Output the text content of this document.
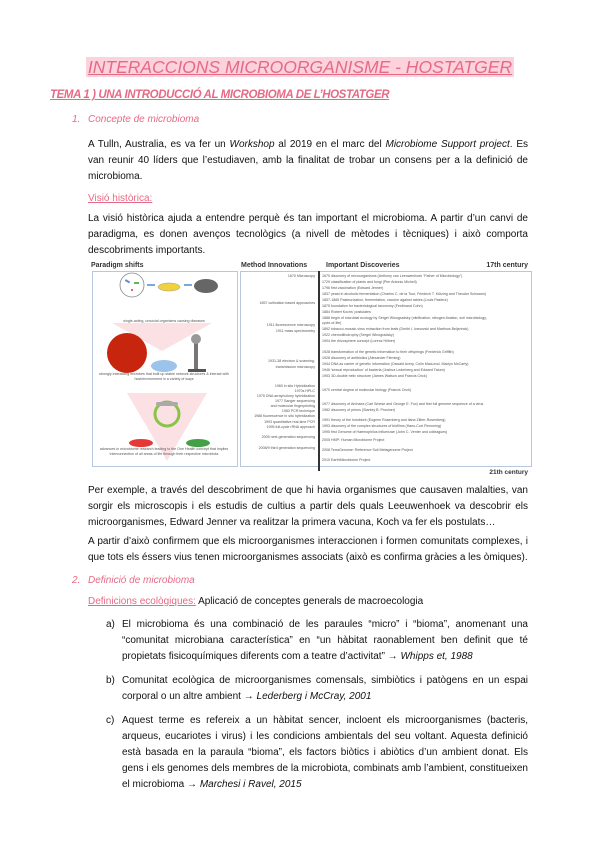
INTERACCIONS MICROORGANISME - HOSTATGER
TEMA 1 ) UNA INTRODUCCIÓ AL MICROBIOMA DE L’HOSTATGER
1. Concepte de microbioma
A Tulln, Australia, es va fer un Workshop al 2019 en el marc del Microbiome Support project. Es van reunir 40 líders que l’estudiaven, amb la finalitat de trobar un consens per a la definició de microbioma.
Visió històrica:
La visió històrica ajuda a entendre perquè és tan important el microbioma. A partir d’un canvi de paradigma, es donen avenços tecnològics (a nivell de mètodes i tècniques) i això comporta descobriments importants.
Paradigm shifts	Method Innovations	Important Discoveries	17th century
21th century
1670 Microscopy
1857 cultivation based approaches
1911 fluorescence microscopy
1911 mass spectrometry
1931-38 electron & scanning-
transmission microscopy
1960 in situ Hybridization
1970s HPLC
1975 DNA array/colony hybridization
1977 Sanger sequencing
and molecular fingerprinting
1983 PCR technique
1988 fluorescence in situ hybridization
1993 quantitative real-time PCR
1995 full-cycle rRNA approach
2005 next-generation sequencing
2008/9 third generation sequencing
1670 discovery of microorganisms (Anthony van Leeuwenhoek "Father of Microbiology")
1729 classification of plants and fungi (Pier Antonio Micheli)
1796 first vaccination (Edward Jenner)
1837 yeast in alcoholic fermentation (Charles C. de la Tour, Friedrich T. Kützing and Theodor Schwann)
1857-1865 Pasteurization, fermentation, vaccine against rabies (Louis Pasteur)
1875 foundation for bacteriological taxonomy (Ferdinand Cohn)
1884 Robert Kochs' postulates
1888 begin of microbial ecology by Sergei Winogradsky (nitrification, nitrogen-fixation, soil microbiology,
cycle-of-life)
1892 tobacco-mosaic-virus extraction from leafs (Dmitri I. Ivanovski and Martinus Beijerinck)
1922 chemolithotrophy (Sergei Winogradsky)
1904 the rhizosphere concept (Lorenz Hiltner)
1928 transformation of the genetic information to their offsprings (Frederick Griffith)
1928 discovery of antibiotics (Alexander Fleming)
1944 DNA as carrier of genetic information (Oswald Avery, Colin MacLeod, Maclyn McCarty)
1946 'sexual reproduction' of bacteria (Joshua Lederberg and Edward Tatum)
1953 3D-double helix structure (James Watson and Francis Crick)
1970 central dogma of molecular biology (Francis Crick)
1977 discovery of Archaea (Carl Woese and George E. Fox) and first full genome sequence of a virus
1982 discovery of prions (Stanley B. Prusiner)
1991 theory of the holobiont (Eugene Rosenberg and Ilana Zilber-Rosenberg)
1993 discovery of the complex structures of biofilms (Hans-Curt Flemming)
1995 first Genome of Haemophilus influenzae (John C. Venter and colleagues)
2005 HMP: Human Microbiome Project
2008 TerraGenome: Reference Soil Metagenome Project
2010 EarthMicrobiome Project
single-acting, unsocial organisms causing diseases
strongly interacting microbes that built up stable network structures & interact with host/environment in a variety of ways
advances in microbiome research leading to the One Health concept that implies interconnection of all areas of life through their respective microbiota
Per exemple, a través del descobriment de que hi havia organismes que causaven malalties, van sorgir els microscopis i els estudis de cultius a partir dels quals Leeuwenhoek va descobrir els microorganismes, Edward Jenner va realitzar la primera vacuna, Koch va fer els postulats…
A partir d’això confirmem que els microorganismes interaccionen i formen comunitats complexes, i que tots els éssers vius tenen microorganismes associats (això es confirma gràcies a les òmiques).
2. Definició de microbioma
Definicions ecològiques: Aplicació de conceptes generals de macroecologia
a) El microbioma és una combinació de les paraules “micro” i “bioma”, anomenant una “comunitat microbiana característica” en “un hàbitat raonablement ben definit que té propietats fisicoquímiques diferents com a teatre d’activitat” → Whipps et, 1988
b) Comunitat ecològica de microorganismes comensals, simbiòtics i patògens en un espai corporal o un altre ambient → Lederberg i McCray, 2001
c) Aquest terme es refereix a un hàbitat sencer, incloent els microorganismes (bacteris, arqueus, eucariotes i virus) i les condicions ambientals del seu voltant. Aquesta definició està basada en la paraula “bioma”, els factors biòtics i abiòtics d’un ambient donat. Els gens i els genomes dels membres de la microbiota, combinats amb l’ambient, constitueixen el microbioma → Marchesi i Ravel, 2015
